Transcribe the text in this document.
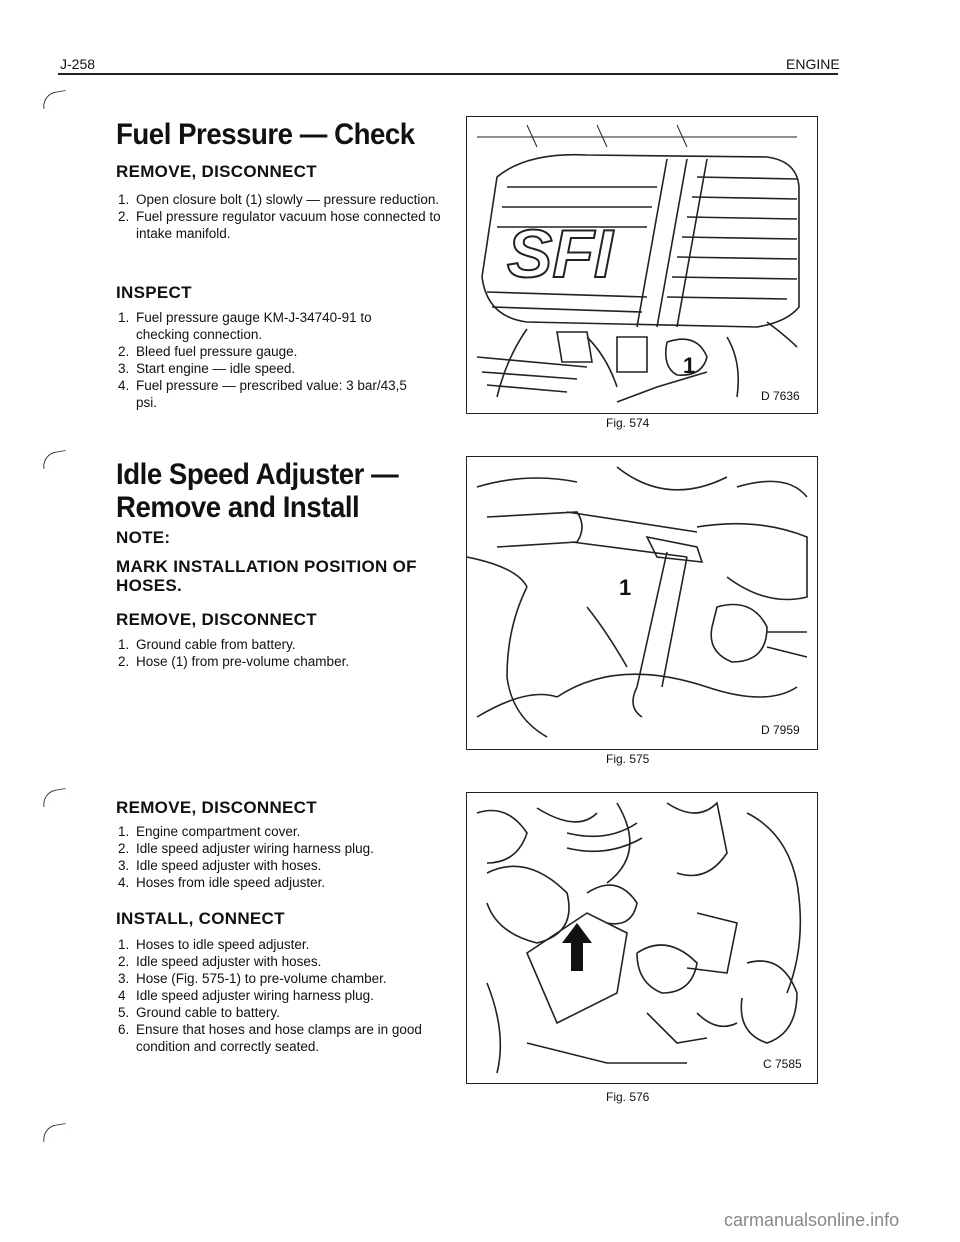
J-258	ENGINE
Fuel Pressure — Check
REMOVE, DISCONNECT
1. Open closure bolt (1) slowly — pressure reduction.
2. Fuel pressure regulator vacuum hose connected to intake manifold.
INSPECT
1. Fuel pressure gauge KM-J-34740-91 to checking connection.
2. Bleed fuel pressure gauge.
3. Start engine — idle speed.
4. Fuel pressure — prescribed value: 3 bar/43,5 psi.
Idle Speed Adjuster —
Remove and Install
NOTE:
MARK INSTALLATION POSITION OF HOSES.
REMOVE, DISCONNECT
1. Ground cable from battery.
2. Hose (1) from pre-volume chamber.
REMOVE, DISCONNECT
1. Engine compartment cover.
2. Idle speed adjuster wiring harness plug.
3. Idle speed adjuster with hoses.
4. Hoses from idle speed adjuster.
INSTALL, CONNECT
1. Hoses to idle speed adjuster.
2. Idle speed adjuster with hoses.
3. Hose (Fig. 575-1) to pre-volume chamber.
4 Idle speed adjuster wiring harness plug.
5. Ground cable to battery.
6. Ensure that hoses and hose clamps are in good condition and correctly seated.
SFI
1
D 7636
Fig. 574
1
D 7959
Fig. 575
C 7585
Fig. 576
carmanualsonline.info
